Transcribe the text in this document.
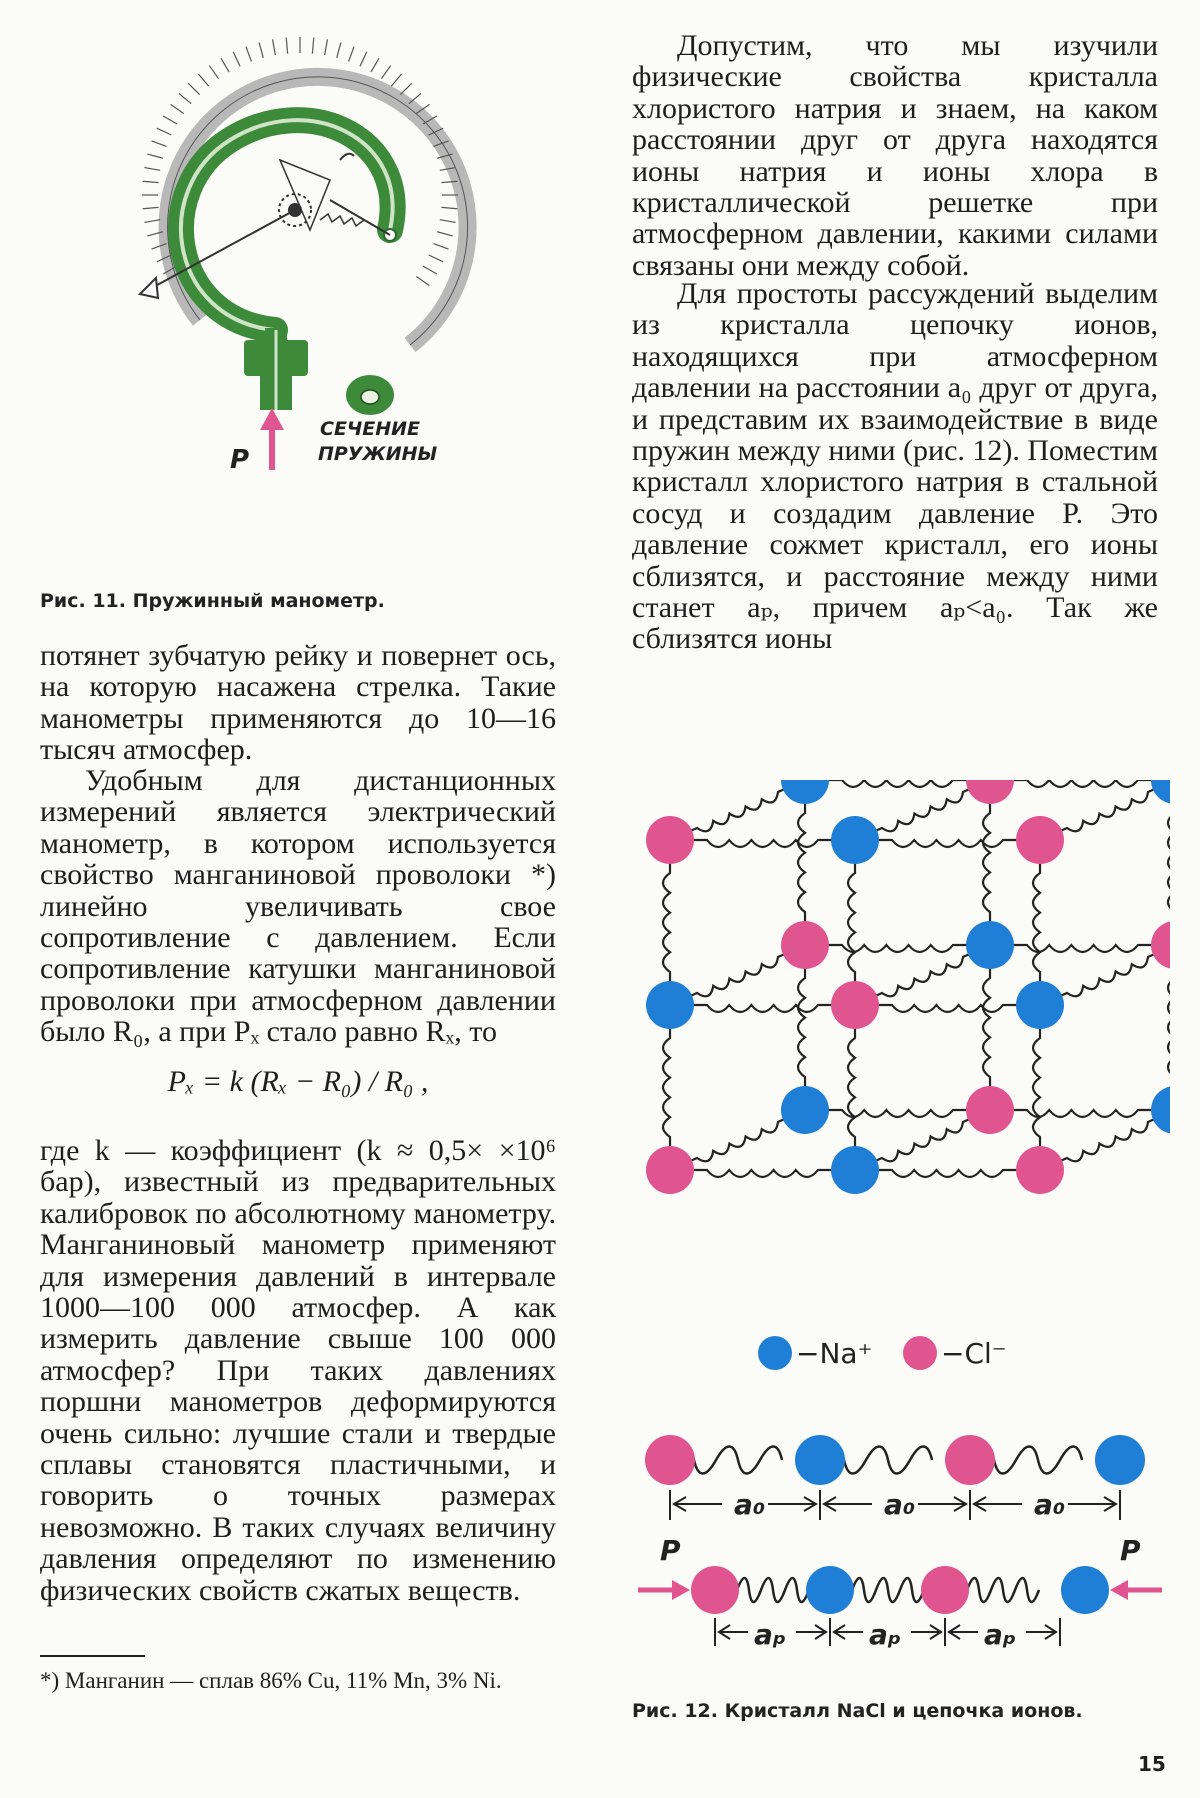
P
СЕЧЕНИЕ
ПРУЖИНЫ

Рис. 11. Пружинный манометр.

потянет зубчатую рейку и повернет ось, на которую насажена стрелка. Такие манометры применяются до 10—16 тысяч атмосфер.

Удобным для дистанционных измерений является электрический манометр, в котором используется свойство манганиновой проволоки *) линейно увеличивать свое сопротивление с давлением. Если сопротивление катушки манганиновой проволоки при атмосферном давлении было R₀, а при Pₓ стало равно Rₓ, то

Pₓ = k (Rₓ − R₀) / R₀ ,

где k — коэффициент (k ≈ 0,5× ×10⁶ бар), известный из предварительных калибровок по абсолютному манометру. Манганиновый манометр применяют для измерения давлений в интервале 1000—100 000 атмосфер. А как измерить давление свыше 100 000 атмосфер? При таких давлениях поршни манометров деформируются очень сильно: лучшие стали и твердые сплавы становятся пластичными, и говорить о точных размерах невозможно. В таких случаях величину давления определяют по изменению физических свойств сжатых веществ.

*) Манганин — сплав 86% Cu, 11% Mn, 3% Ni.

Допустим, что мы изучили физические свойства кристалла хлористого натрия и знаем, на каком расстоянии друг от друга находятся ионы натрия и ионы хлора в кристаллической решетке при атмосферном давлении, какими силами связаны они между собой.

Для простоты рассуждений выделим из кристалла цепочку ионов, находящихся при атмосферном давлении на расстоянии a₀ друг от друга, и представим их взаимодействие в виде пружин между ними (рис. 12). Поместим кристалл хлористого натрия в стальной сосуд и создадим давление P. Это давление сожмет кристалл, его ионы сблизятся, и расстояние между ними станет aₚ, причем aₚ<a₀. Так же сблизятся ионы

−Na⁺ −Cl⁻
a₀	a₀	a₀
P	P
aₚ	aₚ	aₚ

Рис. 12. Кристалл NaCl и цепочка ионов.

15
